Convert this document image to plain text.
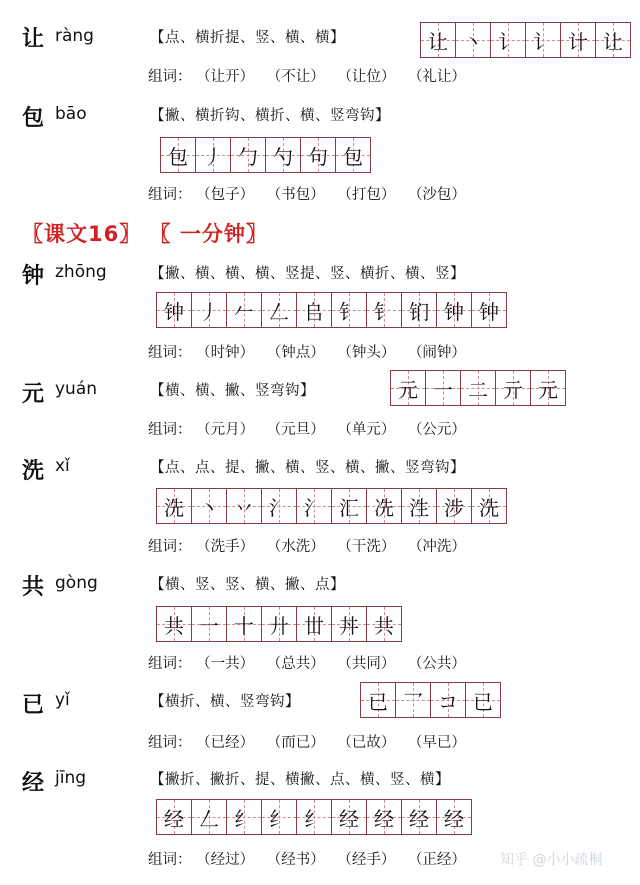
让 ràng	【点、横折提、竖、横、横】	让 丶 讠 讠 计 让
组词： （让开） （不让） （让位） （礼让）
包 bāo	【撇、横折钩、横折、横、竖弯钩】
包 丿 勹 勺 句 包
组词： （包子） （书包） （打包） （沙包）
〖课文16〗 〖 一分钟〗
钟 zhōng	【撇、横、横、横、竖提、竖、横折、横、竖】
钟 丿 𠂉 𠃋 𠂤 钅 钅 钔 钟 钟
组词： （时钟） （钟点） （钟头） （闹钟）
元 yuán	【横、横、撇、竖弯钩】	元 一 二 亓 元
组词： （元月） （元旦） （单元） （公元）
洗 xǐ	【点、点、提、撇、横、竖、横、撇、竖弯钩】
洗 丶 丷 氵 氵 汇 冼 泩 涉 洗
组词： （洗手） （水洗） （干洗） （冲洗）
共 gòng	【横、竖、竖、横、撇、点】
共 一 十 廾 丗 丼 共
组词： （一共） （总共） （共同） （公共）
已 yǐ	【横折、横、竖弯钩】	已 乛 コ 已
组词： （已经） （而已） （已故） （早已）
经 jīng	【撇折、撇折、提、横撇、点、横、竖、横】
经 𠃋 纟 纟 纟 经 经 经 经
组词： （经过） （经书） （经手） （正经）	知乎 @小小疏桐
